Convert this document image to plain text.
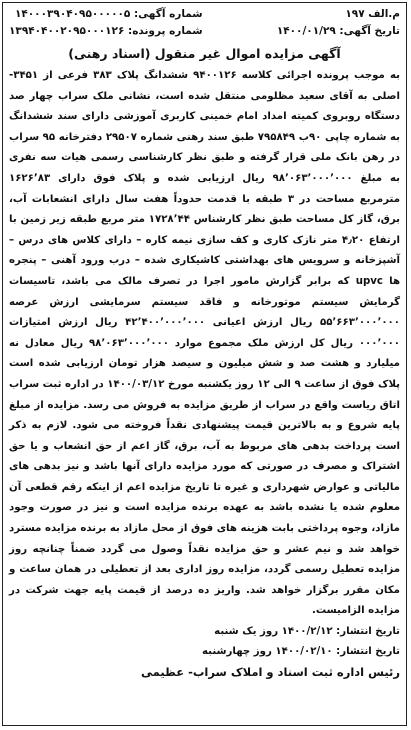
م.الف ۱۹۷
تاریخ آگهی: ۱۴۰۰/۰۱/۲۹
شماره آگهی: ۱۴۰۰۰۳۹۰۴۰۹۵۰۰۰۰۰۵
شماره پرونده: ۱۳۹۴۰۴۰۰۲۰۹۵۰۰۰۱۲۶
آگهی مزایده اموال غیر منقول (اسناد رهنی)

به موجب پرونده اجرائی کلاسه ۹۴۰۰۱۲۶ ششدانگ پلاک ۳۸۳ فرعی از ۳۴۵۱-اصلی به آقای سعید مظلومی منتقل شده است، نشانی ملک سراب چهار صد دستگاه روبروی کمیته امداد امام خمینی کاربری آموزشی دارای سند ششدانگ به شماره چاپی ۹۰ب ۷۹۵۸۴۹ طبق سند رهنی شماره ۲۹۵۰۷ دفترخانه ۹۵ سراب در رهن بانک ملی قرار گرفته و طبق نظر کارشناسی رسمی هیات سه نفری به مبلغ ۹۸٬۰۶۳٬۰۰۰٬۰۰۰ ریال ارزیابی شده و پلاک فوق دارای ۱۶۲۶٬۸۳ مترمربع مساحت در ۳ طبقه با قدمت حدوداً هفت سال دارای انشعابات آب، برق، گاز کل مساحت طبق نظر کارشناس ۱۷۲۸٬۴۴ متر مربع طبقه زیر زمین با ارتفاع ۴٫۲۰ متر نازک کاری و کف سازی نیمه کاره – دارای کلاس های درس – آشپزخانه و سرویس های بهداشتی کاشیکاری شده – درب ورود آهنی – پنجره ها upvc که برابر گزارش مامور اجرا در تصرف مالک می باشد، تاسیسات گرمایش سیستم موتورخانه و فاقد سیستم سرمایشی ارزش عرصه ۵۵٬۶۶۳٬۰۰۰٬۰۰۰ ریال ارزش اعیانی ۴۲٬۴۰۰٬۰۰۰٬۰۰۰ ریال ارزش امتیازات ۰۰۰٬۰۰۰ ریال کل ارزش ملک مجموع موارد ۹۸٬۰۶۳٬۰۰۰٬۰۰۰ ریال معادل نه میلیارد و هشت صد و شش میلیون و سیصد هزار تومان ارزیابی شده است پلاک فوق از ساعت ۹ الی ۱۲ روز یکشنبه مورخ ۱۴۰۰/۰۳/۱۲ در اداره ثبت سراب اتاق ریاست واقع در سراب از طریق مزایده به فروش می رسد. مزایده از مبلغ پایه شروع و به بالاترین قیمت پیشنهادی نقداً فروخته می شود. لازم به ذکر است پرداخت بدهی های مربوط به آب، برق، گاز اعم از حق انشعاب و یا حق اشتراک و مصرف در صورتی که مورد مزایده دارای آنها باشد و نیز بدهی های مالیاتی و عوارض شهرداری و غیره تا تاریخ مزایده اعم از اینکه رقم قطعی آن معلوم شده یا نشده باشد به عهده برنده مزایده است و نیز در صورت وجود مازاد، وجوه پرداختی بابت هزینه های فوق از محل مازاد به برنده مزایده مسترد خواهد شد و نیم عشر و حق مزایده نقداً وصول می گردد ضمناً چنانچه روز مزایده تعطیل رسمی گردد، مزایده روز اداری بعد از تعطیلی در همان ساعت و مکان مقرر برگزار خواهد شد. واریز ده درصد از قیمت پایه جهت شرکت در مزایده الزامیست.

تاریخ انتشار: ۱۴۰۰/۲/۱۲ روز یک شنبه
تاریخ انتشار: ۱۴۰۰/۰۲/۱۰ روز چهارشنبه
رئیس اداره ثبت اسناد و املاک سراب- عظیمی
